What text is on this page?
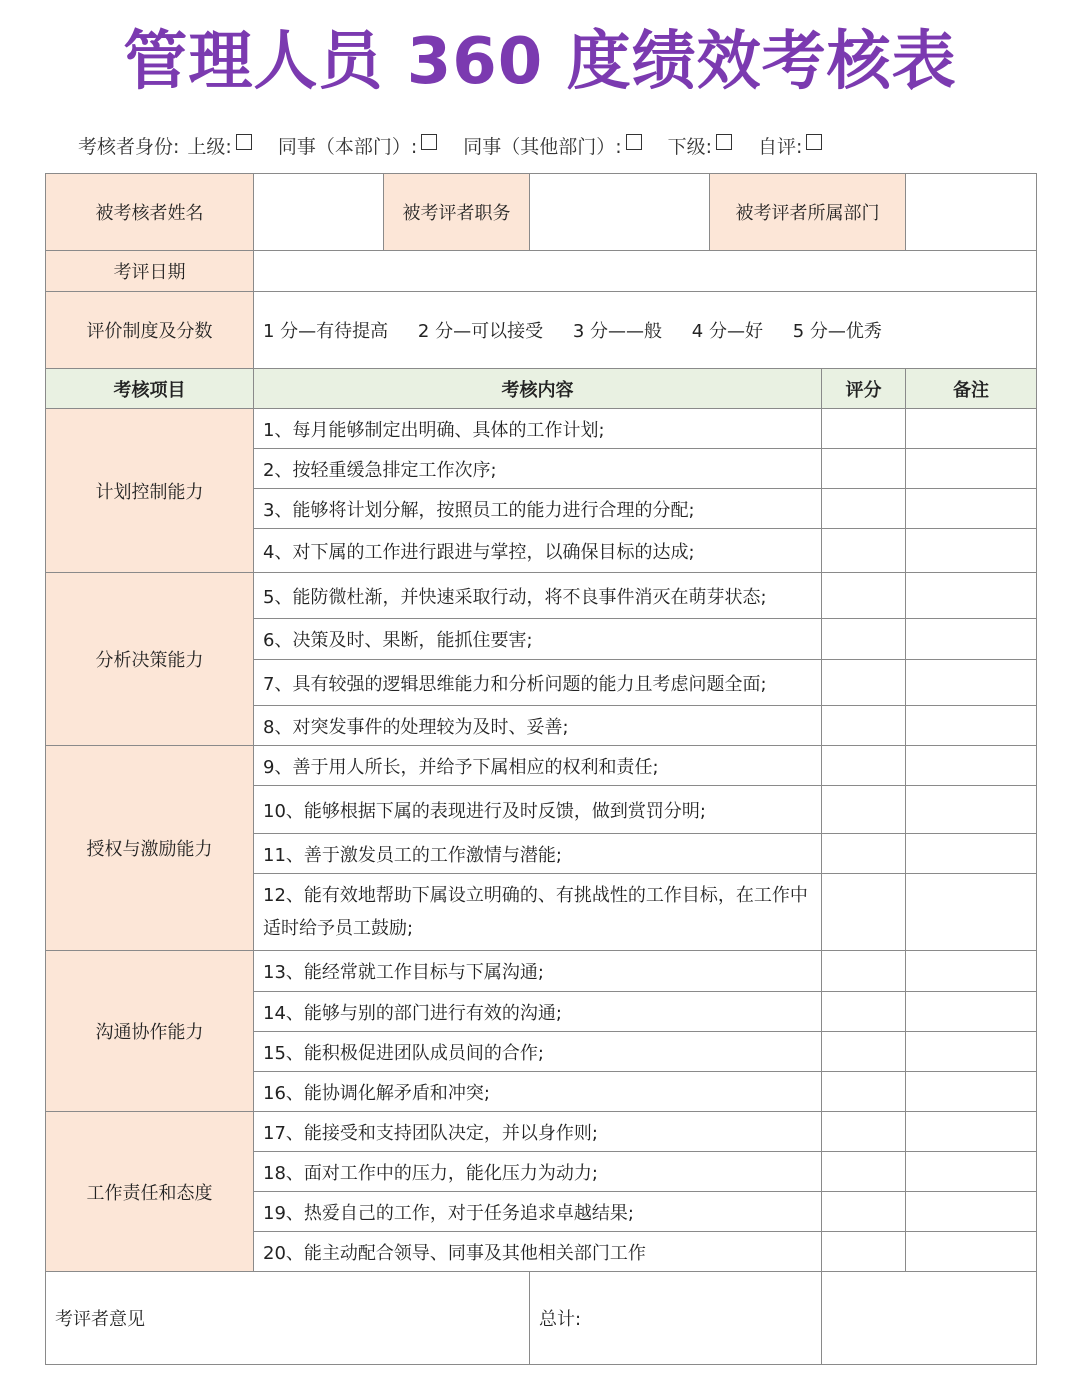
管理人员 360 度绩效考核表
考核者身份: 上级: 同事（本部门）: 同事（其他部门）: 下级: 自评:
被考核者姓名		被考评者职务		被考评者所属部门		
考评日期						
评价制度及分数	1 分—有待提高 2 分—可以接受 3 分——般 4 分—好 5 分—优秀					
考核项目	考核内容				评分	备注
计划控制能力	1、每月能够制定出明确、具体的工作计划;					
	2、按轻重缓急排定工作次序;					
	3、能够将计划分解，按照员工的能力进行合理的分配;					
	4、对下属的工作进行跟进与掌控，以确保目标的达成;					
分析决策能力	5、能防微杜渐，并快速采取行动，将不良事件消灭在萌芽状态;					
	6、决策及时、果断，能抓住要害;					
	7、具有较强的逻辑思维能力和分析问题的能力且考虑问题全面;					
	8、对突发事件的处理较为及时、妥善;					
授权与激励能力	9、善于用人所长，并给予下属相应的权利和责任;					
	10、能够根据下属的表现进行及时反馈，做到赏罚分明;					
	11、善于激发员工的工作激情与潜能;					
	12、能有效地帮助下属设立明确的、有挑战性的工作目标，在工作中适时给予员工鼓励;					
沟通协作能力	13、能经常就工作目标与下属沟通;					
	14、能够与别的部门进行有效的沟通;					
	15、能积极促进团队成员间的合作;					
	16、能协调化解矛盾和冲突;					
工作责任和态度	17、能接受和支持团队决定，并以身作则;					
	18、面对工作中的压力，能化压力为动力;					
	19、热爱自己的工作，对于任务追求卓越结果;					
	20、能主动配合领导、同事及其他相关部门工作					
考评者意见			总计:			
